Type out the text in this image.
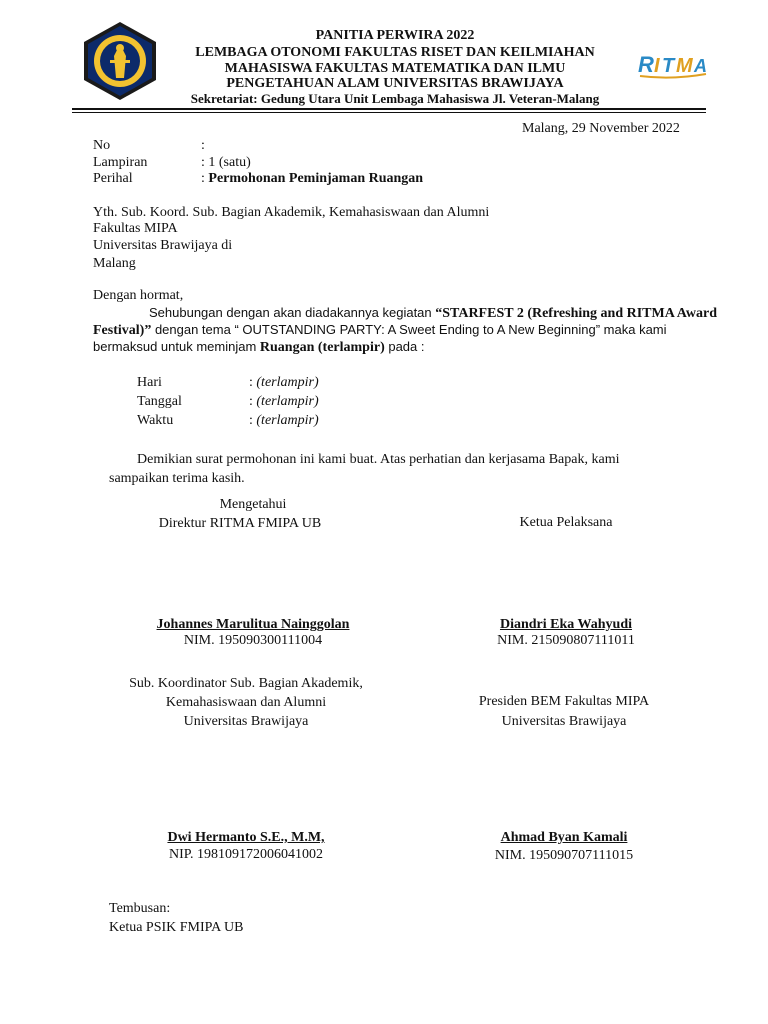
R I T M A
PANITIA PERWIRA 2022
LEMBAGA OTONOMI FAKULTAS RISET DAN KEILMIAHAN
MAHASISWA FAKULTAS MATEMATIKA DAN ILMU
PENGETAHUAN ALAM UNIVERSITAS BRAWIJAYA
Sekretariat: Gedung Utara Unit Lembaga Mahasiswa Jl. Veteran-Malang
Malang, 29 November 2022
No	:
Lampiran	: 1 (satu)
Perihal	: Permohonan Peminjaman Ruangan
Yth. Sub. Koord. Sub. Bagian Akademik, Kemahasiswaan dan Alumni
Fakultas MIPA
Universitas Brawijaya di
Malang
Dengan hormat,
Sehubungan dengan akan diadakannya kegiatan “STARFEST 2 (Refreshing and RITMA Award
Festival)” dengan tema “ OUTSTANDING PARTY: A Sweet Ending to A New Beginning” maka kami
bermaksud untuk meminjam Ruangan (terlampir) pada :
Hari	: (terlampir)
Tanggal	: (terlampir)
Waktu	: (terlampir)
Demikian surat permohonan ini kami buat. Atas perhatian dan kerjasama Bapak, kami
sampaikan terima kasih.
Mengetahui
Direktur RITMA FMIPA UB
Johannes Marulitua Nainggolan
NIM. 195090300111004
Ketua Pelaksana
Diandri Eka Wahyudi
NIM. 215090807111011
Sub. Koordinator Sub. Bagian Akademik,
Kemahasiswaan dan Alumni
Universitas Brawijaya
Dwi Hermanto S.E., M.M,
NIP. 198109172006041002
Presiden BEM Fakultas MIPA
Universitas Brawijaya
Ahmad Byan Kamali
NIM. 195090707111015
Tembusan:
Ketua PSIK FMIPA UB
